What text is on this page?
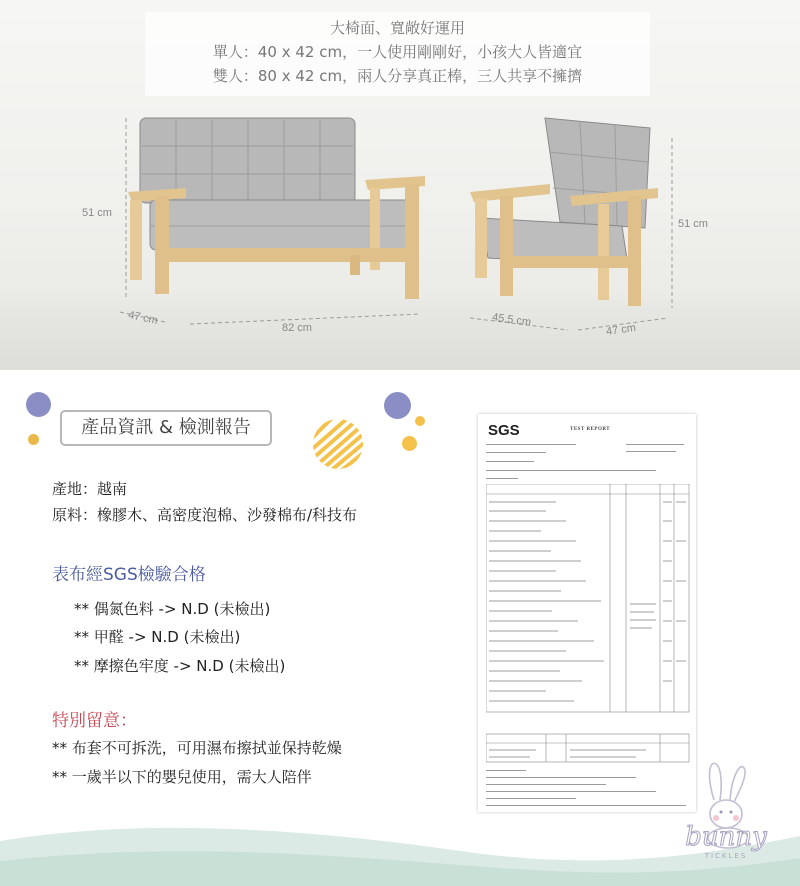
大椅面、寬敞好運用
單人：40 x 42 cm，一人使用剛剛好，小孩大人皆適宜
雙人：80 x 42 cm，兩人分享真正棒，三人共享不擁擠
51 cm
47 cm
82 cm
51 cm
45.5 cm
47 cm
產品資訊 & 檢測報告
產地：越南
原料：橡膠木、高密度泡棉、沙發棉布/科技布
表布經SGS檢驗合格
** 偶氮色料 -> N.D (未檢出)
** 甲醛 -> N.D (未檢出)
** 摩擦色牢度 -> N.D (未檢出)
特別留意：
** 布套不可拆洗，可用濕布擦拭並保持乾燥
** 一歲半以下的嬰兒使用，需大人陪伴
SGS	TEST REPORT
bunny
TICKLES
